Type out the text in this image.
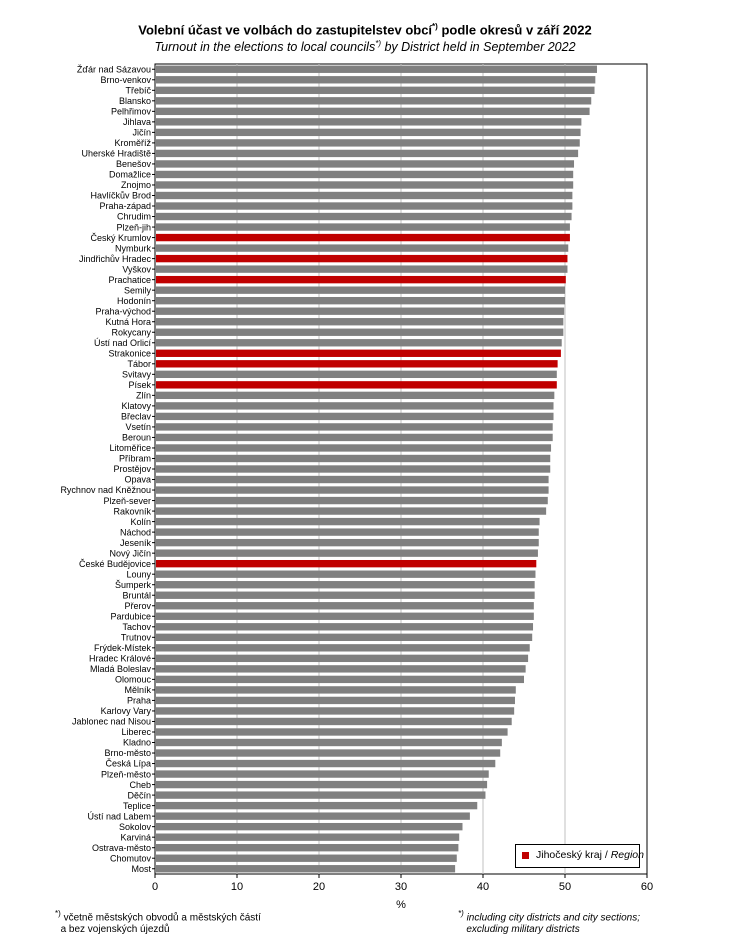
Volební účast ve volbách do zastupitelstev obcí*) podle okresů v září 2022
Turnout in the elections to local councils*) by District held in September 2022
0	10	20	30	40	50	60
%
Žďár nad Sázavou
Brno-venkov
Třebíč
Blansko
Pelhřimov
Jihlava
Jičín
Kroměříž
Uherské Hradiště
Benešov
Domažlice
Znojmo
Havlíčkův Brod
Praha-západ
Chrudim
Plzeň-jih
Český Krumlov
Nymburk
Jindřichův Hradec
Vyškov
Prachatice
Semily
Hodonín
Praha-východ
Kutná Hora
Rokycany
Ústí nad Orlicí
Strakonice
Tábor
Svitavy
Písek
Zlín
Klatovy
Břeclav
Vsetín
Beroun
Litoměřice
Příbram
Prostějov
Opava
Rychnov nad Kněžnou
Plzeň-sever
Rakovník
Kolín
Náchod
Jeseník
Nový Jičín
České Budějovice
Louny
Šumperk
Bruntál
Přerov
Pardubice
Tachov
Trutnov
Frýdek-Místek
Hradec Králové
Mladá Boleslav
Olomouc
Mělník
Praha
Karlovy Vary
Jablonec nad Nisou
Liberec
Kladno
Brno-město
Česká Lípa
Plzeň-město
Cheb
Děčín
Teplice
Ústí nad Labem
Sokolov
Karviná
Ostrava-město
Chomutov
Most
Jihočeský kraj / Region
*) včetně městských obvodů a městských částí
a bez vojenských újezdů
*) including city districts and city sections;
excluding military districts
